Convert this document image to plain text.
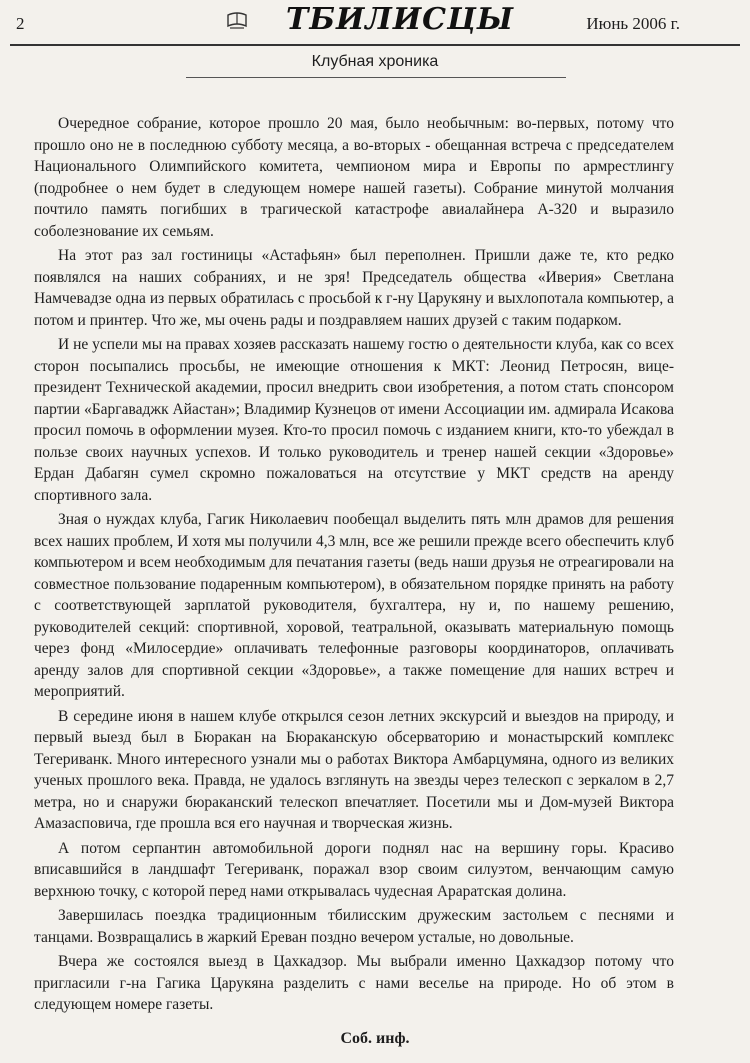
2	ТБИЛИСЦЫ	Июнь 2006 г.
Клубная хроника

Очередное собрание, которое прошло 20 мая, было необычным: во-первых, потому что прошло оно не в последнюю субботу месяца, а во-вторых - обещанная встреча с председателем Национального Олимпийского комитета, чемпионом мира и Европы по армрестлингу (подробнее о нем будет в следующем номере нашей газеты). Собрание минутой молчания почтило память погибших в трагической катастрофе авиалайнера А-320 и выразило соболезнование их семьям.

На этот раз зал гостиницы «Астафьян» был переполнен. Пришли даже те, кто редко появлялся на наших собраниях, и не зря! Председатель общества «Иверия» Светлана Намчевадзе одна из первых обратилась с просьбой к г-ну Царукяну и выхлопотала компьютер, а потом и принтер. Что же, мы очень рады и поздравляем наших друзей с таким подарком.

И не успели мы на правах хозяев рассказать нашему гостю о деятельности клуба, как со всех сторон посыпались просьбы, не имеющие отношения к МКТ: Леонид Петросян, вице-президент Технической академии, просил внедрить свои изобретения, а потом стать спонсором партии «Баргаваджк Айастан»; Владимир Кузнецов от имени Ассоциации им. адмирала Исакова просил помочь в оформлении музея. Кто-то просил помочь с изданием книги, кто-то убеждал в пользе своих научных успехов. И только руководитель и тренер нашей секции «Здоровье» Ердан Дабагян сумел скромно пожаловаться на отсутствие у МКТ средств на аренду спортивного зала.

Зная о нуждах клуба, Гагик Николаевич пообещал выделить пять млн драмов для решения всех наших проблем, И хотя мы получили 4,3 млн, все же решили прежде всего обеспечить клуб компьютером и всем необходимым для печатания газеты (ведь наши друзья не отреагировали на совместное пользование подаренным компьютером), в обязательном порядке принять на работу с соответствующей зарплатой руководителя, бухгалтера, ну и, по нашему решению, руководителей секций: спортивной, хоровой, театральной, оказывать материальную помощь через фонд «Милосердие» оплачивать телефонные разговоры координаторов, оплачивать аренду залов для спортивной секции «Здоровье», а также помещение для наших встреч и мероприятий.

В середине июня в нашем клубе открылся сезон летних экскурсий и выездов на природу, и первый выезд был в Бюракан на Бюраканскую обсерваторию и монастырский комплекс Тегериванк. Много интересного узнали мы о работах Виктора Амбарцумяна, одного из великих ученых прошлого века. Правда, не удалось взглянуть на звезды через телескоп с зеркалом в 2,7 метра, но и снаружи бюраканский телескоп впечатляет. Посетили мы и Дом-музей Виктора Амазасповича, где прошла вся его научная и творческая жизнь.

А потом серпантин автомобильной дороги поднял нас на вершину горы. Красиво вписавшийся в ландшафт Тегериванк, поражал взор своим силуэтом, венчающим самую верхнюю точку, с которой перед нами открывалась чудесная Араратская долина.

Завершилась поездка традиционным тбилисским дружеским застольем с песнями и танцами. Возвращались в жаркий Ереван поздно вечером усталые, но довольные.

Вчера же состоялся выезд в Цахкадзор. Мы выбрали именно Цахкадзор потому что пригласили г-на Гагика Царукяна разделить с нами веселье на природе. Но об этом в следующем номере газеты.

Соб. инф.
